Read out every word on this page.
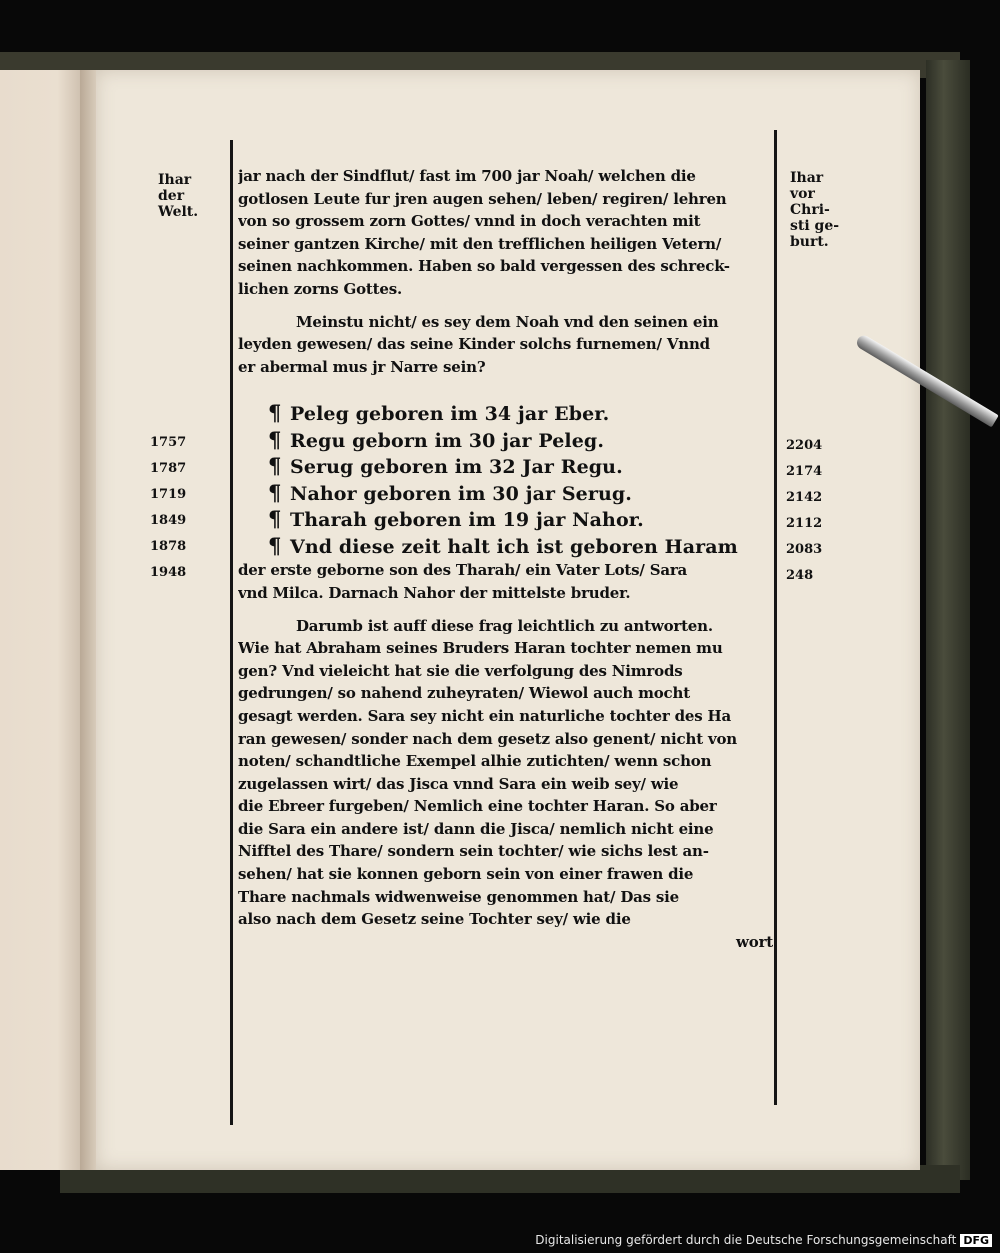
Ihar
der
Welt.
Ihar
vor
Chri-
sti ge-
burt.
1757
1787
1719
1849
1878
1948
2204
2174
2142
2112
2083
248
jar nach der Sindflut/ fast im 700 jar Noah/ welchen die
gotlosen Leute fur jren augen sehen/ leben/ regiren/ lehren
von so grossem zorn Gottes/ vnnd in doch verachten mit
seiner gantzen Kirche/ mit den trefflichen heiligen Vetern/
seinen nachkommen. Haben so bald vergessen des schreck-
lichen zorns Gottes.
Meinstu nicht/ es sey dem Noah vnd den seinen ein
leyden gewesen/ das seine Kinder solchs furnemen/ Vnnd
er abermal mus jr Narre sein?
¶ Peleg geboren im 34 jar Eber.
¶ Regu geborn im 30 jar Peleg.
¶ Serug geboren im 32 Jar Regu.
¶ Nahor geboren im 30 jar Serug.
¶ Tharah geboren im 19 jar Nahor.
¶ Vnd diese zeit halt ich ist geboren Haram
der erste geborne son des Tharah/ ein Vater Lots/ Sara
vnd Milca. Darnach Nahor der mittelste bruder.
Darumb ist auff diese frag leichtlich zu antworten.
Wie hat Abraham seines Bruders Haran tochter nemen mu
gen? Vnd vieleicht hat sie die verfolgung des Nimrods
gedrungen/ so nahend zuheyraten/ Wiewol auch mocht
gesagt werden. Sara sey nicht ein naturliche tochter des Ha
ran gewesen/ sonder nach dem gesetz also genent/ nicht von
noten/ schandtliche Exempel alhie zutichten/ wenn schon
zugelassen wirt/ das Jisca vnnd Sara ein weib sey/ wie
die Ebreer furgeben/ Nemlich eine tochter Haran. So aber
die Sara ein andere ist/ dann die Jisca/ nemlich nicht eine
Nifftel des Thare/ sondern sein tochter/ wie sichs lest an-
sehen/ hat sie konnen geborn sein von einer frawen die
Thare nachmals widwenweise genommen hat/ Das sie
also nach dem Gesetz seine Tochter sey/ wie die
wort
Digitalisierung gefördert durch die Deutsche Forschungsgemeinschaft DFG
